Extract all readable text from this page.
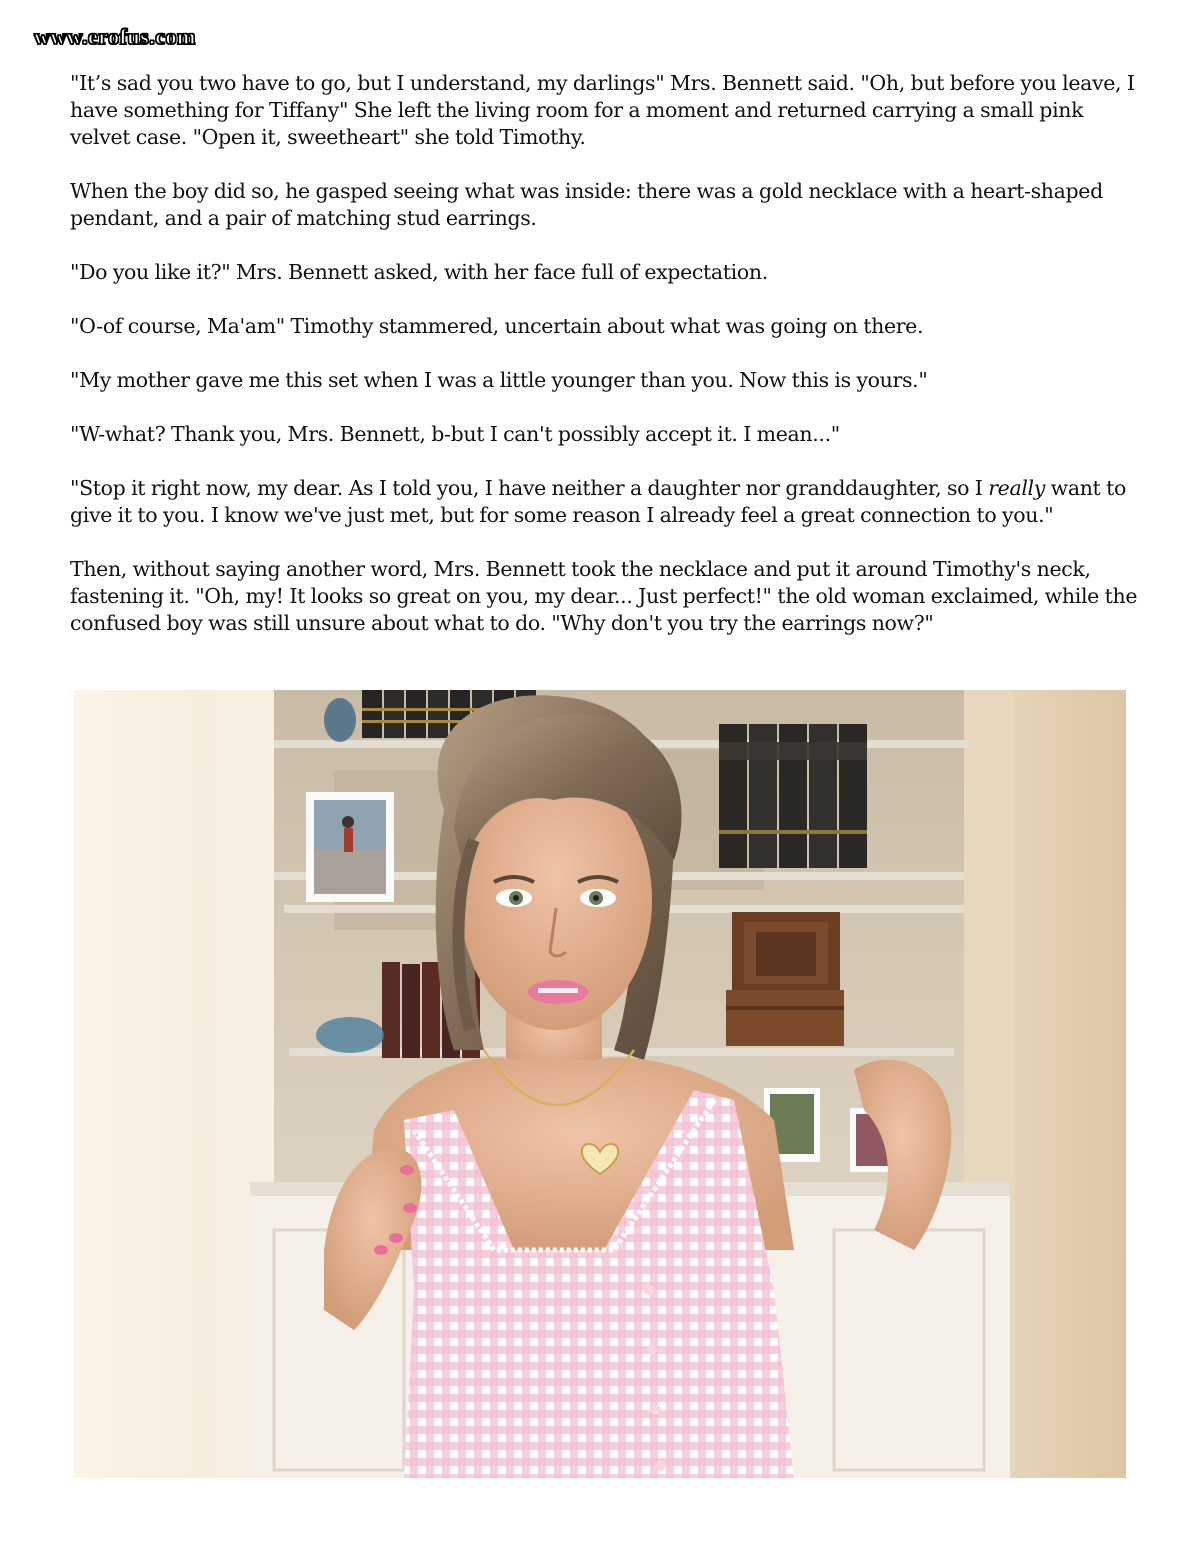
www.erofus.com

"It’s sad you two have to go, but I understand, my darlings" Mrs. Bennett said. "Oh, but before you leave, I have something for Tiffany" She left the living room for a moment and returned carrying a small pink velvet case. "Open it, sweetheart" she told Timothy.

When the boy did so, he gasped seeing what was inside: there was a gold necklace with a heart-shaped pendant, and a pair of matching stud earrings.

"Do you like it?" Mrs. Bennett asked, with her face full of expectation.

"O-of course, Ma'am" Timothy stammered, uncertain about what was going on there.

"My mother gave me this set when I was a little younger than you. Now this is yours."

"W-what? Thank you, Mrs. Bennett, b-but I can't possibly accept it. I mean..."

"Stop it right now, my dear. As I told you, I have neither a daughter nor granddaughter, so I really want to give it to you. I know we've just met, but for some reason I already feel a great connection to you."

Then, without saying another word, Mrs. Bennett took the necklace and put it around Timothy's neck, fastening it. "Oh, my! It looks so great on you, my dear... Just perfect!" the old woman exclaimed, while the confused boy was still unsure about what to do. "Why don't you try the earrings now?"
